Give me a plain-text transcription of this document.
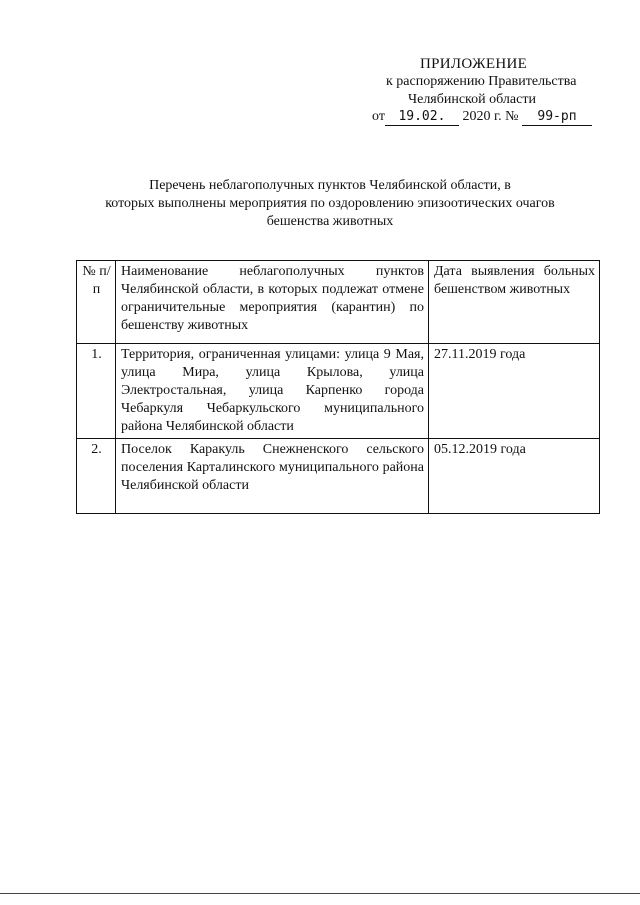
ПРИЛОЖЕНИЕ
к распоряжению Правительства
Челябинской области
от 19.02. 2020 г. № 99-рп
Перечень неблагополучных пунктов Челябинской области, в
которых выполнены мероприятия по оздоровлению эпизоотических очагов
бешенства животных
№ п/п	Наименование неблагополучных пунктов Челябинской области, в которых подлежат отмене ограничительные мероприятия (карантин) по бешенству животных	Дата выявления больных бешенством животных
1.	Территория, ограниченная улицами: улица 9 Мая, улица Мира, улица Крылова, улица Электростальная, улица Карпенко города Чебаркуля Чебаркульского муниципального района Челябинской области	27.11.2019 года
2.	Поселок Каракуль Снежненского сельского поселения Карталинского муниципального района Челябинской области	05.12.2019 года
